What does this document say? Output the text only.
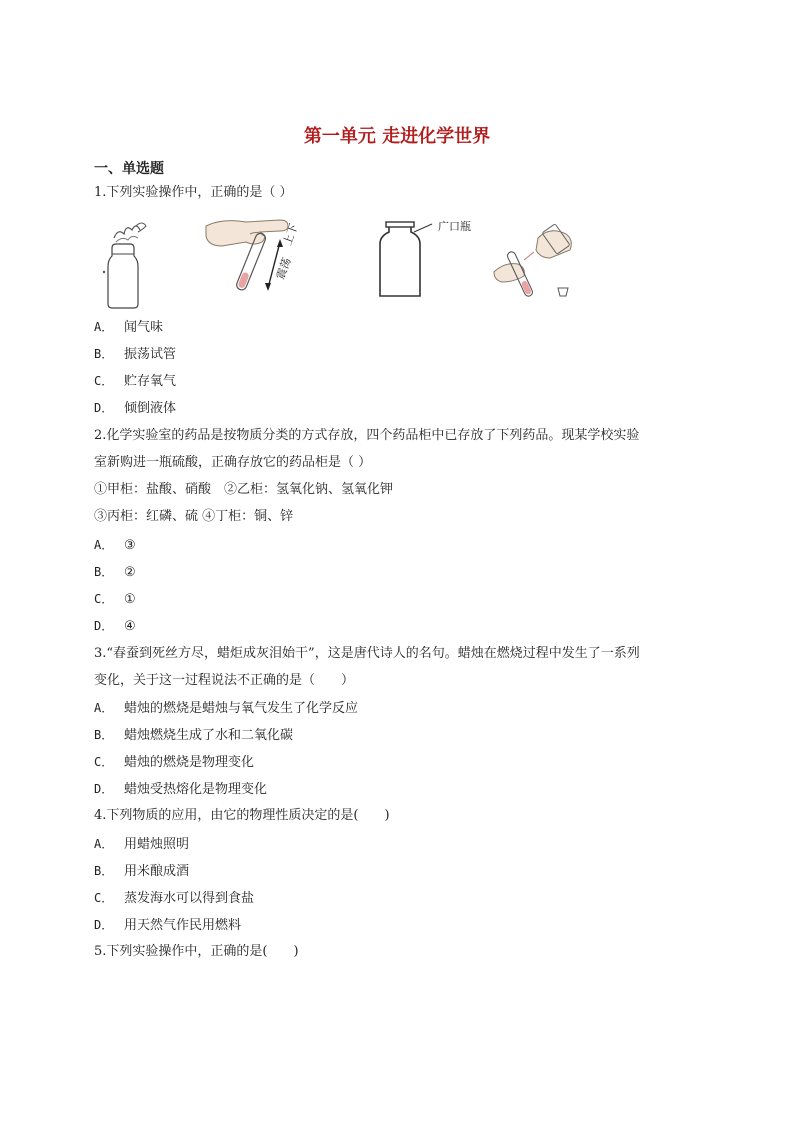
第一单元 走进化学世界
一、单选题
1.下列实验操作中，正确的是（ ）
上下
震荡
广口瓶
A． 闻气味
B． 振荡试管
C． 贮存氧气
D． 倾倒液体
2.化学实验室的药品是按物质分类的方式存放，四个药品柜中已存放了下列药品。现某学校实验
室新购进一瓶硫酸，正确存放它的药品柜是（ ）
①甲柜：盐酸、硝酸　②乙柜：氢氧化钠、氢氧化钾
③丙柜：红磷、硫 ④丁柜：铜、锌
A． ③
B． ②
C． ①
D． ④
3.“春蚕到死丝方尽，蜡炬成灰泪始干”，这是唐代诗人的名句。蜡烛在燃烧过程中发生了一系列
变化，关于这一过程说法不正确的是（　　）
A． 蜡烛的燃烧是蜡烛与氧气发生了化学反应
B． 蜡烛燃烧生成了水和二氧化碳
C． 蜡烛的燃烧是物理变化
D． 蜡烛受热熔化是物理变化
4.下列物质的应用，由它的物理性质决定的是(　　)
A． 用蜡烛照明
B． 用米酿成酒
C． 蒸发海水可以得到食盐
D． 用天然气作民用燃料
5.下列实验操作中，正确的是(　　)
